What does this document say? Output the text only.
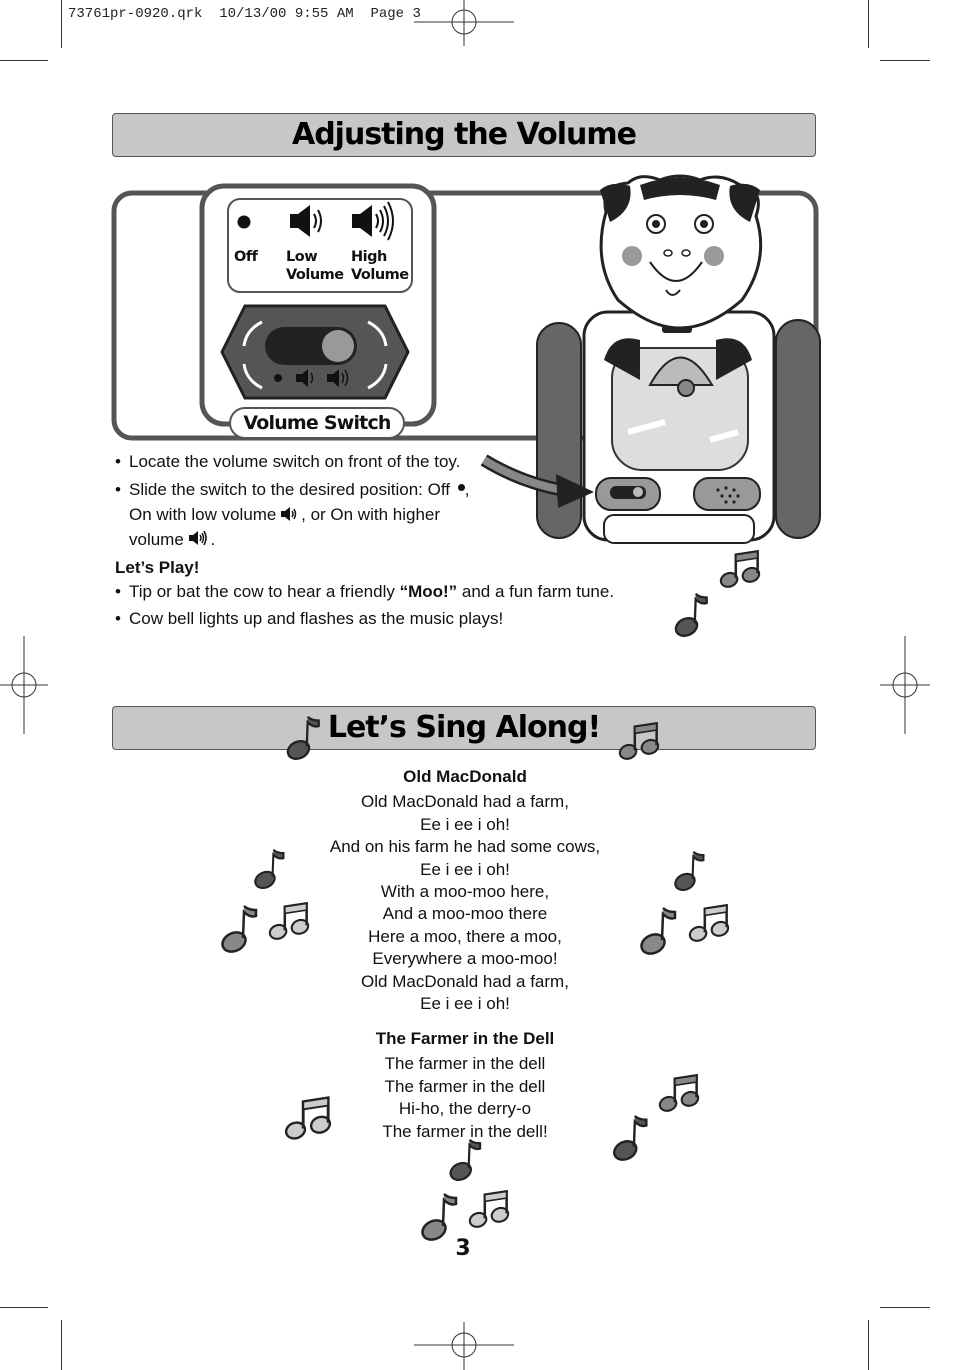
73761pr-0920.qrk  10/13/00 9:55 AM  Page 3
Adjusting the Volume
Off Low
Volume
High
Volume
Volume Switch
• Locate the volume switch on front of the toy.
• Slide the switch to the desired position: Off ,
On with low volume , or On with higher
volume .
Let’s Play!
• Tip or bat the cow to hear a friendly “Moo!” and a fun farm tune.
• Cow bell lights up and flashes as the music plays!
Let’s Sing Along!
Old MacDonald
Old MacDonald had a farm,
Ee i ee i oh!
And on his farm he had some cows,
Ee i ee i oh!
With a moo-moo here,
And a moo-moo there
Here a moo, there a moo,
Everywhere a moo-moo!
Old MacDonald had a farm,
Ee i ee i oh!
The Farmer in the Dell
The farmer in the dell
The farmer in the dell
Hi-ho, the derry-o
The farmer in the dell!
3
